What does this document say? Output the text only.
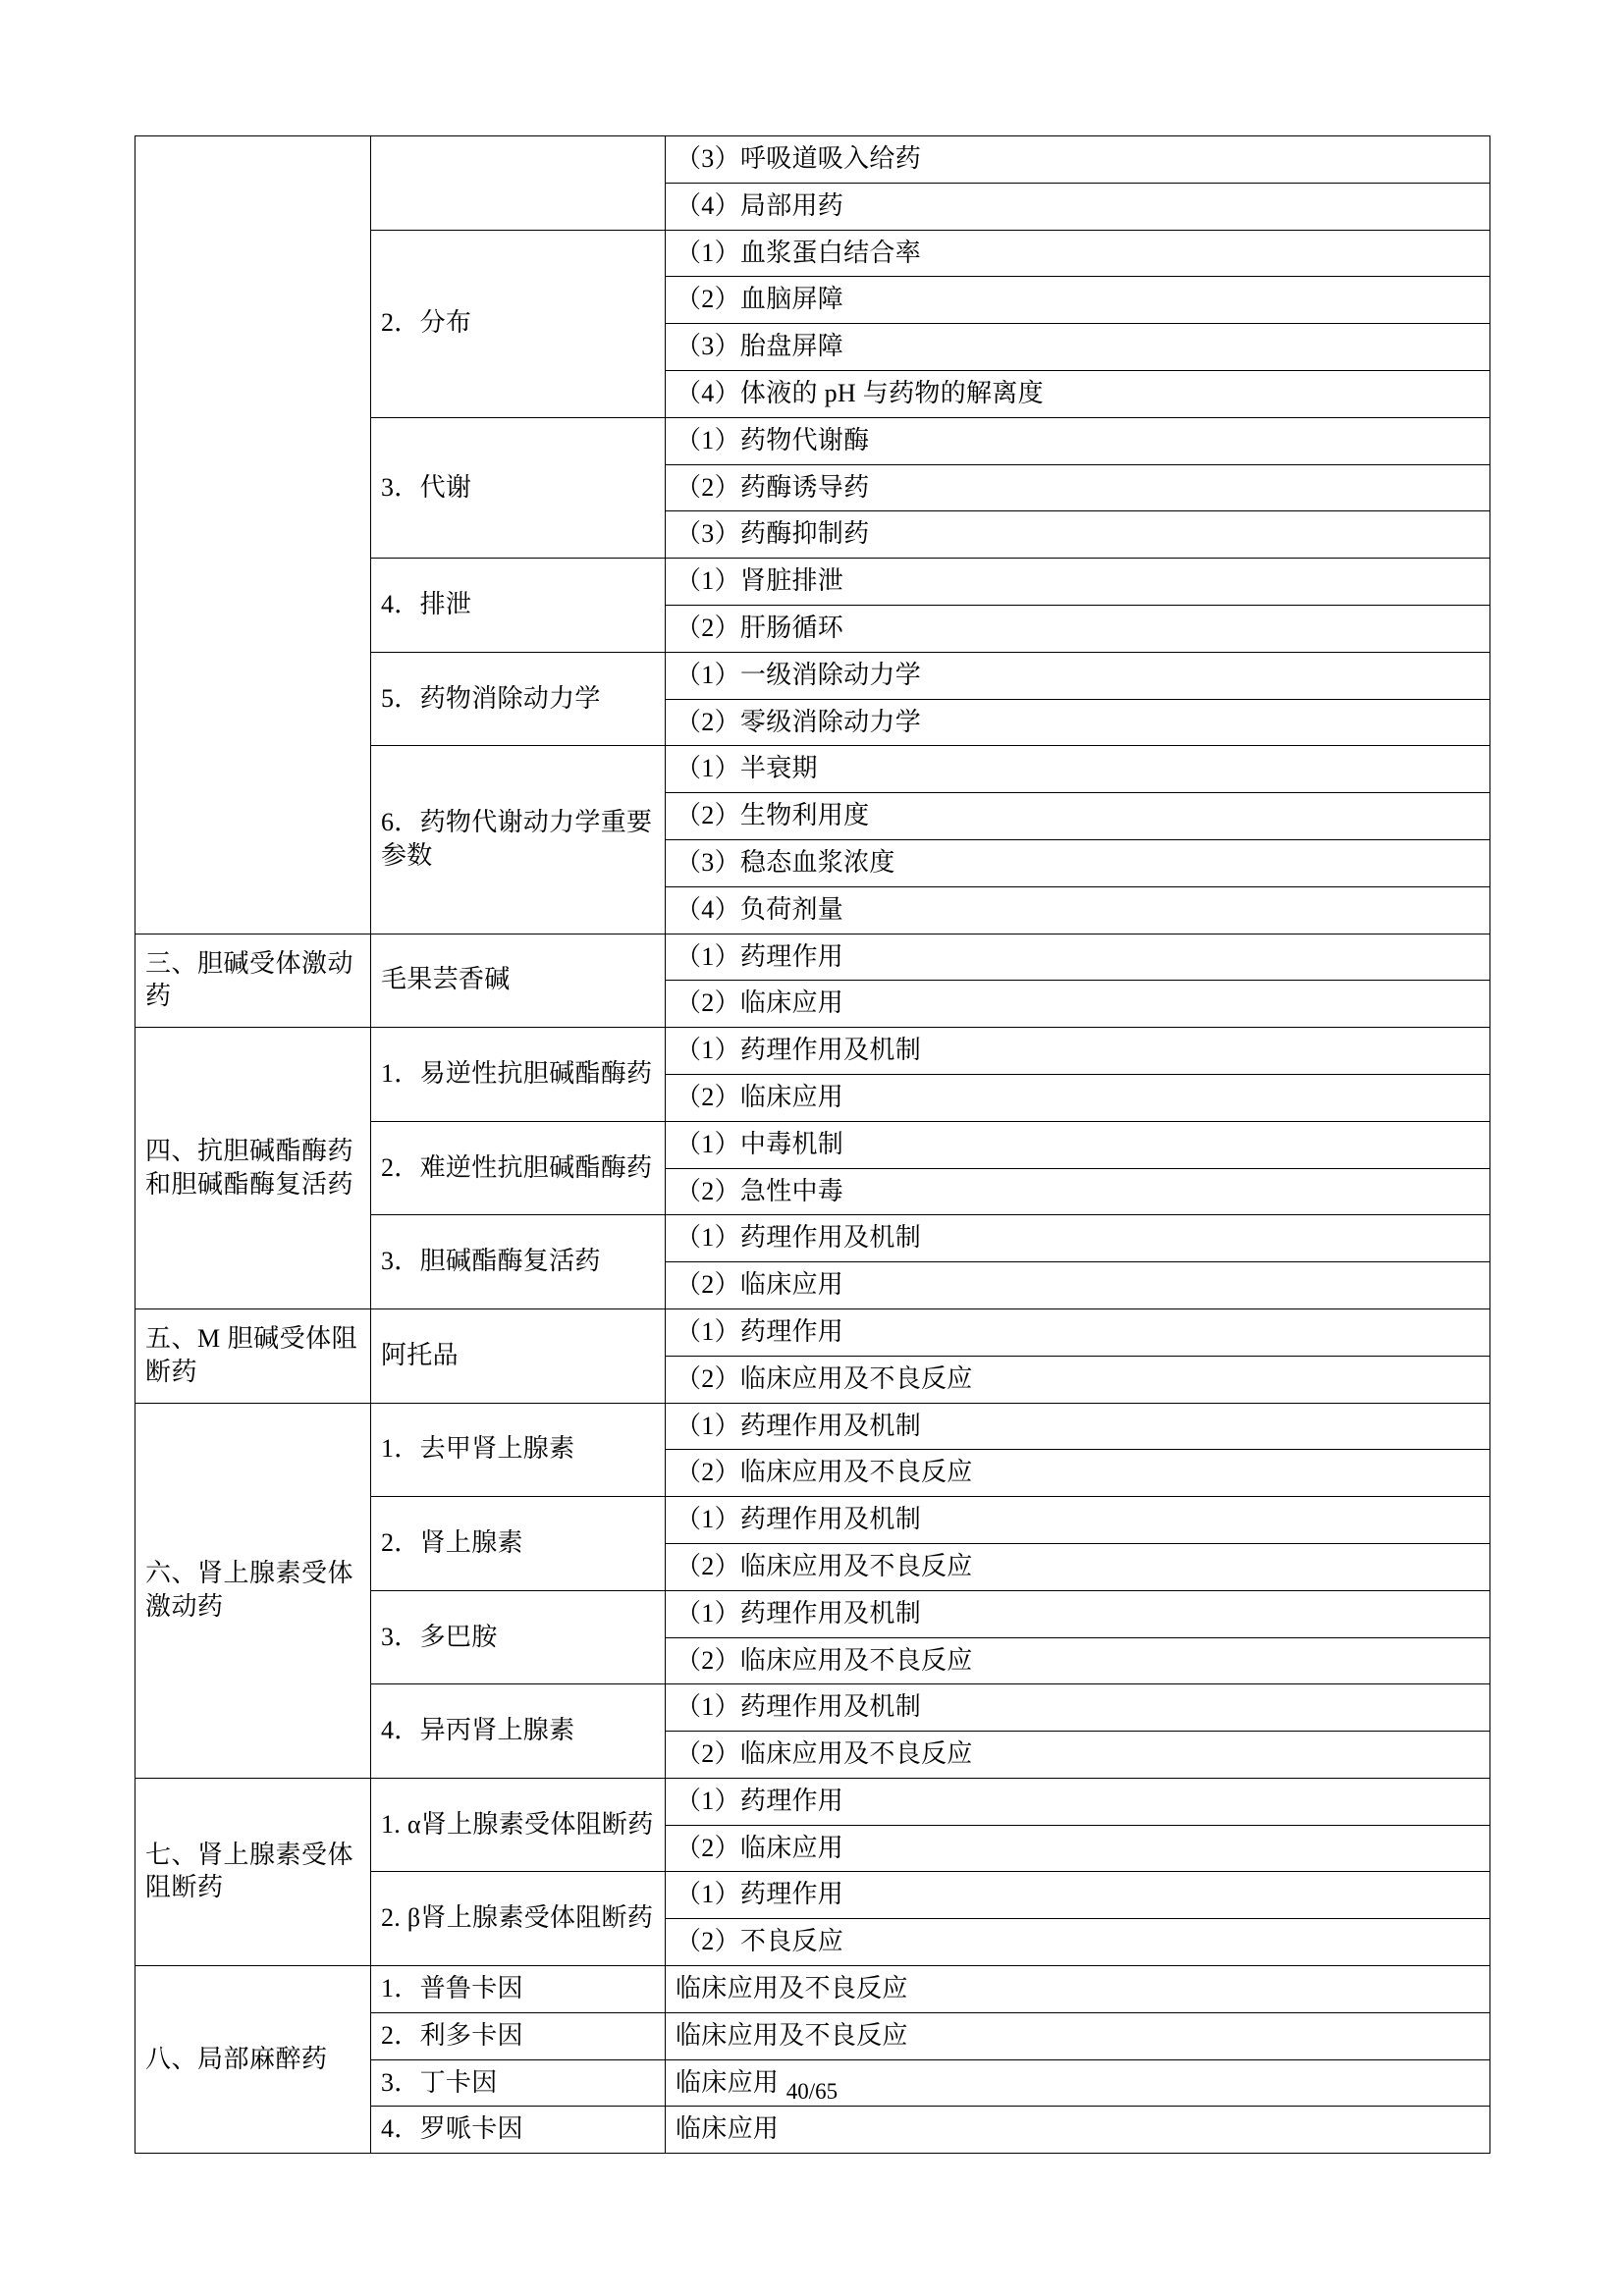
		（3）呼吸道吸入给药
		（4）局部用药
	2．分布	（1）血浆蛋白结合率
		（2）血脑屏障
		（3）胎盘屏障
		（4）体液的 pH 与药物的解离度
	3．代谢	（1）药物代谢酶
		（2）药酶诱导药
		（3）药酶抑制药
	4．排泄	（1）肾脏排泄
		（2）肝肠循环
	5．药物消除动力学	（1）一级消除动力学
		（2）零级消除动力学
	6．药物代谢动力学重要参数	（1）半衰期
		（2）生物利用度
		（3）稳态血浆浓度
		（4）负荷剂量
三、胆碱受体激动药	毛果芸香碱	（1）药理作用
		（2）临床应用
四、抗胆碱酯酶药和胆碱酯酶复活药	1．易逆性抗胆碱酯酶药	（1）药理作用及机制
		（2）临床应用
	2．难逆性抗胆碱酯酶药	（1）中毒机制
		（2）急性中毒
	3．胆碱酯酶复活药	（1）药理作用及机制
		（2）临床应用
五、M 胆碱受体阻断药	阿托品	（1）药理作用
		（2）临床应用及不良反应
六、肾上腺素受体激动药	1．去甲肾上腺素	（1）药理作用及机制
		（2）临床应用及不良反应
	2．肾上腺素	（1）药理作用及机制
		（2）临床应用及不良反应
	3．多巴胺	（1）药理作用及机制
		（2）临床应用及不良反应
	4．异丙肾上腺素	（1）药理作用及机制
		（2）临床应用及不良反应
七、肾上腺素受体阻断药	1. α肾上腺素受体阻断药	（1）药理作用
		（2）临床应用
	2. β肾上腺素受体阻断药	（1）药理作用
		（2）不良反应
八、局部麻醉药	1．普鲁卡因	临床应用及不良反应
	2．利多卡因	临床应用及不良反应
	3．丁卡因	临床应用
	4．罗哌卡因	临床应用
40/65
